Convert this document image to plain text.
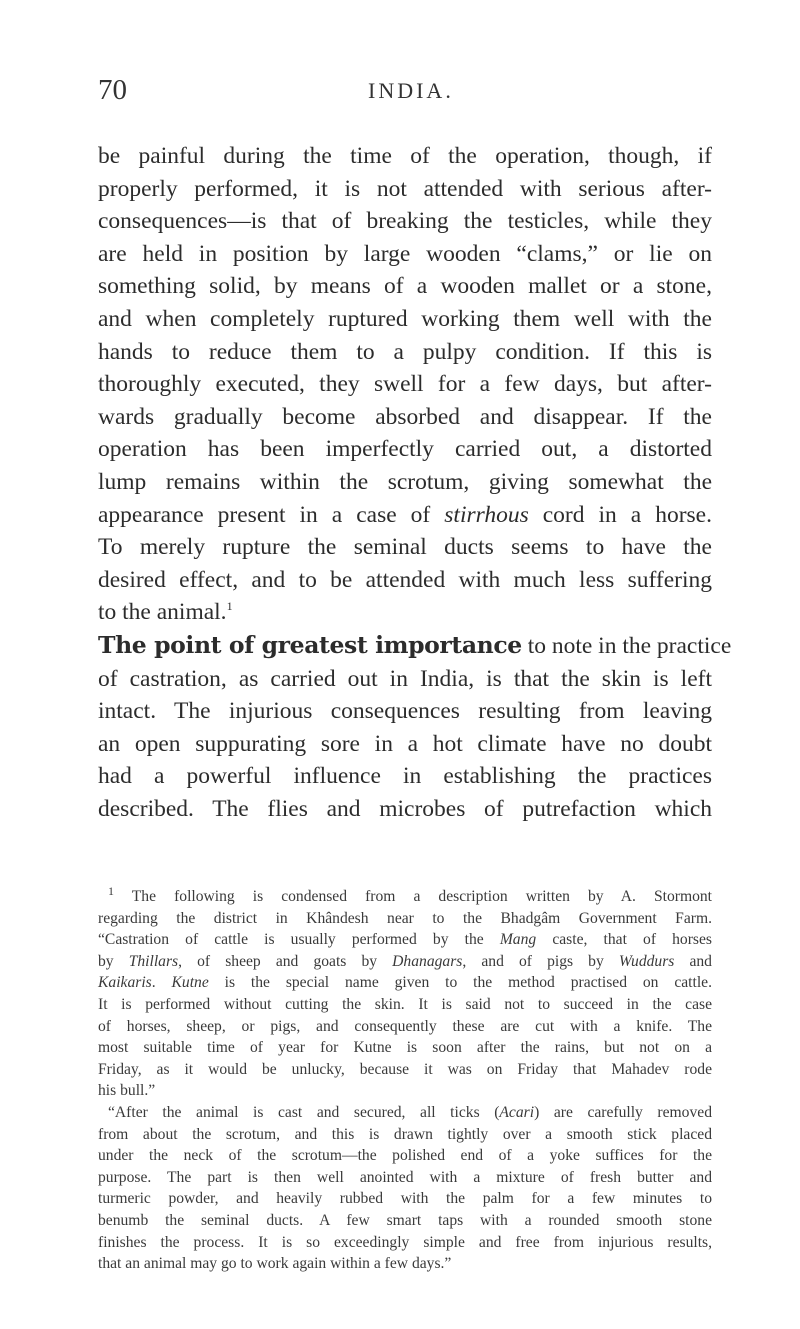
70	INDIA.
be painful during the time of the operation, though, if
properly performed, it is not attended with serious after-
consequences—is that of breaking the testicles, while they
are held in position by large wooden “clams,” or lie on
something solid, by means of a wooden mallet or a stone,
and when completely ruptured working them well with the
hands to reduce them to a pulpy condition. If this is
thoroughly executed, they swell for a few days, but after-
wards gradually become absorbed and disappear. If the
operation has been imperfectly carried out, a distorted
lump remains within the scrotum, giving somewhat the
appearance present in a case of stirrhous cord in a horse.
To merely rupture the seminal ducts seems to have the
desired effect, and to be attended with much less suffering
to the animal.$^1$
The point of greatest importance to note in the practice
of castration, as carried out in India, is that the skin is left
intact. The injurious consequences resulting from leaving
an open suppurating sore in a hot climate have no doubt
had a powerful influence in establishing the practices
described. The flies and microbes of putrefaction which
$^1$ The following is condensed from a description written by A. Stormont
regarding the district in Khândesh near to the Bhadgâm Government Farm.
“Castration of cattle is usually performed by the Mang caste, that of horses
by Thillars, of sheep and goats by Dhanagars, and of pigs by Wuddurs and
Kaikaris. Kutne is the special name given to the method practised on cattle.
It is performed without cutting the skin. It is said not to succeed in the case
of horses, sheep, or pigs, and consequently these are cut with a knife. The
most suitable time of year for Kutne is soon after the rains, but not on a
Friday, as it would be unlucky, because it was on Friday that Mahadev rode
his bull.”
“After the animal is cast and secured, all ticks (Acari) are carefully removed
from about the scrotum, and this is drawn tightly over a smooth stick placed
under the neck of the scrotum—the polished end of a yoke suffices for the
purpose. The part is then well anointed with a mixture of fresh butter and
turmeric powder, and heavily rubbed with the palm for a few minutes to
benumb the seminal ducts. A few smart taps with a rounded smooth stone
finishes the process. It is so exceedingly simple and free from injurious results,
that an animal may go to work again within a few days.”
